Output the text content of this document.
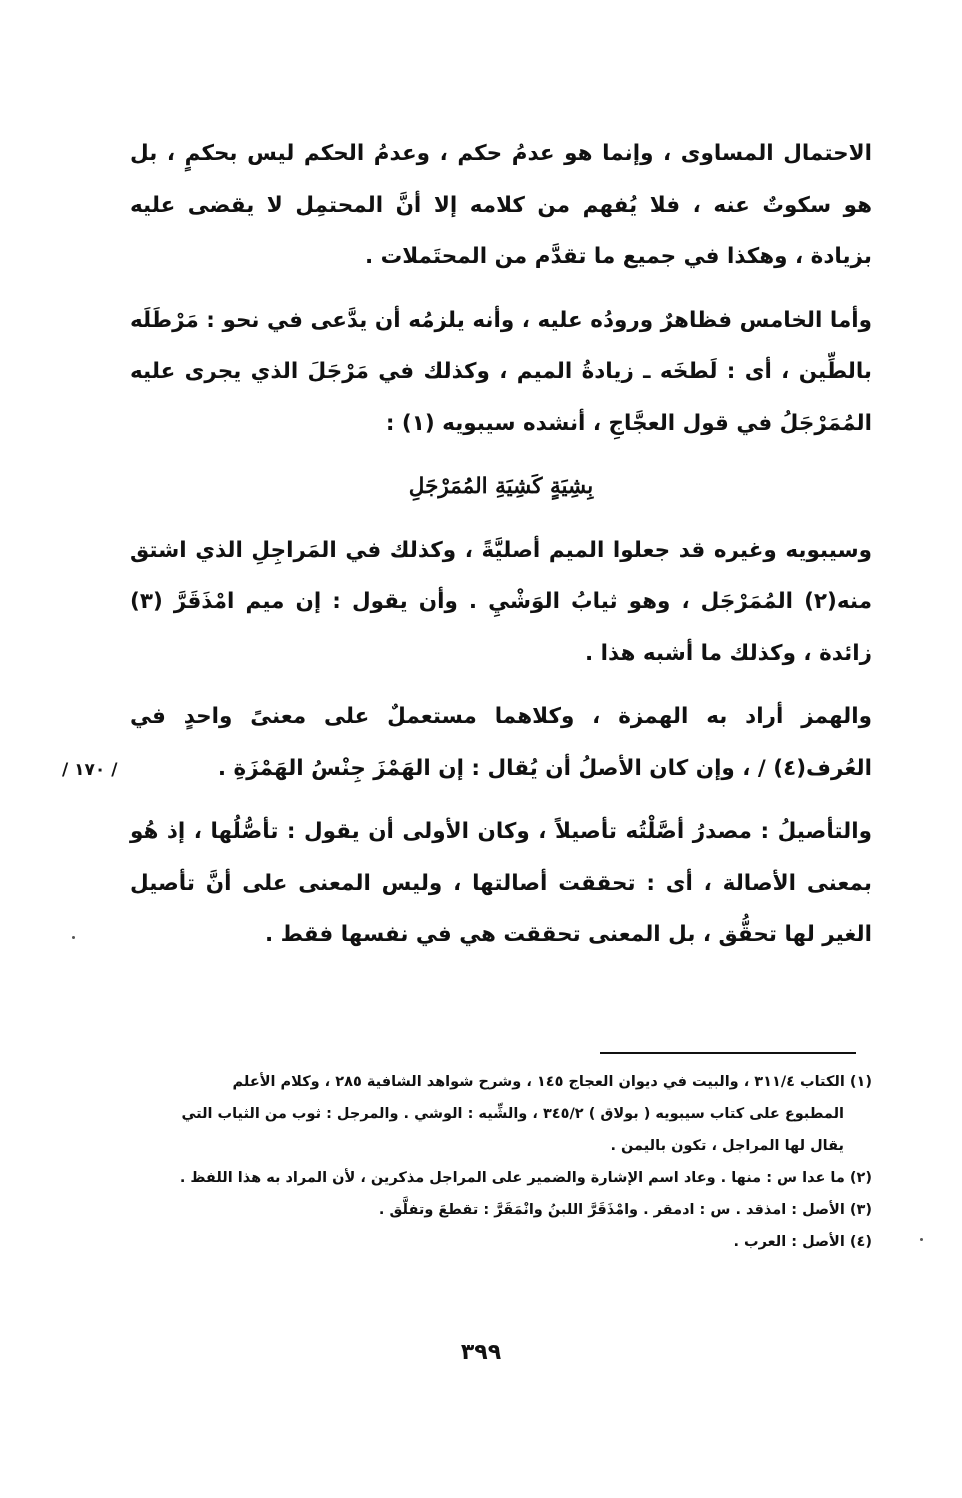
الاحتمال المساوى ، وإنما هو عدمُ حكم ، وعدمُ الحكم ليس بحكمٍ ، بل هو سكوتٌ عنه ، فلا يُفهم من كلامه إلا أنَّ المحتمِل لا يقضى عليه بزيادة ، وهكذا في جميع ما تقدَّم من المحتَملات .

وأما الخامس فظاهرٌ ورودُه عليه ، وأنه يلزمُه أن يدَّعى في نحو : مَرْطَلَه بالطِّين ، أى : لَطخَه ـ زيادةُ الميم ، وكذلك في مَرْجَلَ الذي يجرى عليه المُمَرْجَلُ في قول العجَّاجِ ، أنشده سيبويه (١) :

بِشِيَةٍ كَشِيَةِ المُمَرْجَلِ

وسيبويه وغيره قد جعلوا الميم أصليَّةً ، وكذلك في المَراجِلِ الذي اشتق منه(٢) المُمَرْجَل ، وهو ثيابُ الوَشْيِ . وأن يقول : إن ميم امْذَقَرَّ (٣) زائدة ، وكذلك ما أشبه هذا .

والهمز أراد به الهمزة ، وكلاهما مستعملٌ على معنىً واحدٍ في العُرف(٤) / ، وإن كان الأصلُ أن يُقال : إن الهَمْزَ جِنْسُ الهَمْزَةِ .

والتأصيلُ : مصدرُ أصَّلْتُه تأصيلاً ، وكان الأولى أن يقول : تأصُّلُها ، إذ هُو بمعنى الأصالة ، أى : تحققت أصالتها ، وليس المعنى على أنَّ تأصيل الغير لها تحقُّق ، بل المعنى تحققت هي في نفسها فقط .

/ ١٧٠ /

(١) الكتاب ٣١١/٤ ، والبيت في ديوان العجاج ١٤٥ ، وشرح شواهد الشافية ٢٨٥ ، وكلام الأعلم

المطبوع على كتاب سيبويه ( بولاق ) ٣٤٥/٢ ، والشِّيه : الوشي . والمرجل : ثوب من الثياب التي

يقال لها المراجل ، تكون باليمن .

(٢) ما عدا س : منها . وعاد اسم الإشارة والضمير على المراجل مذكرين ، لأن المراد به هذا اللفظ .

(٣) الأصل : امذقد . س : ادمقر . وامْذَقَرَّ اللبنُ وانْمَقَرَّ : تقطعَ وتفلَّق .

(٤) الأصل : العرب .

٣٩٩
